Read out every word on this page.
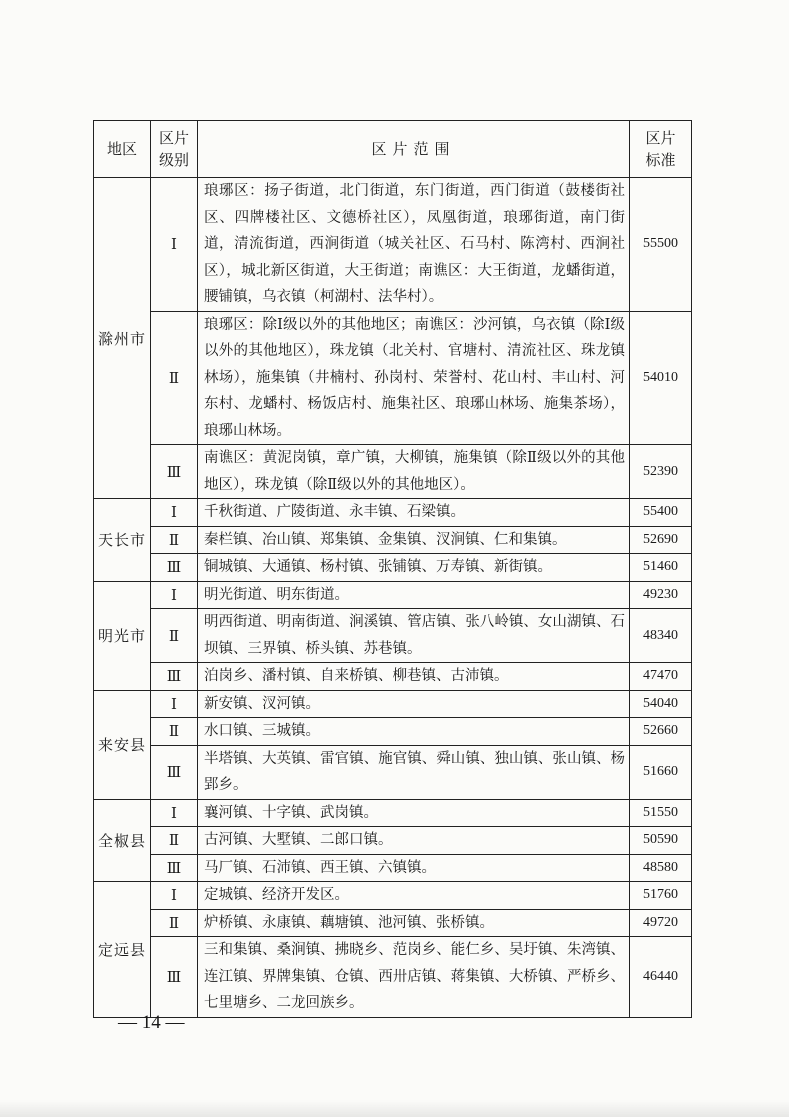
地区	区片级别	区片范围	区片标准
滁州市	Ⅰ	琅琊区：扬子街道，北门街道，东门街道，西门街道（鼓楼街社区、四牌楼社区、文德桥社区），凤凰街道，琅琊街道，南门街道，清流街道，西涧街道（城关社区、石马村、陈湾村、西涧社区），城北新区街道，大王街道；南谯区：大王街道，龙蟠街道，腰铺镇，乌衣镇（柯湖村、法华村）。	55500
	Ⅱ	琅琊区：除Ⅰ级以外的其他地区；南谯区：沙河镇，乌衣镇（除Ⅰ级以外的其他地区），珠龙镇（北关村、官塘村、清流社区、珠龙镇林场），施集镇（井楠村、孙岗村、荣誉村、花山村、丰山村、河东村、龙蟠村、杨饭店村、施集社区、琅琊山林场、施集茶场），琅琊山林场。	54010
	Ⅲ	南谯区：黄泥岗镇，章广镇，大柳镇，施集镇（除Ⅱ级以外的其他地区），珠龙镇（除Ⅱ级以外的其他地区）。	52390
天长市	Ⅰ	千秋街道、广陵街道、永丰镇、石梁镇。	55400
	Ⅱ	秦栏镇、冶山镇、郑集镇、金集镇、汊涧镇、仁和集镇。	52690
	Ⅲ	铜城镇、大通镇、杨村镇、张铺镇、万寿镇、新街镇。	51460
明光市	Ⅰ	明光街道、明东街道。	49230
	Ⅱ	明西街道、明南街道、涧溪镇、管店镇、张八岭镇、女山湖镇、石坝镇、三界镇、桥头镇、苏巷镇。	48340
	Ⅲ	泊岗乡、潘村镇、自来桥镇、柳巷镇、古沛镇。	47470
来安县	Ⅰ	新安镇、汊河镇。	54040
	Ⅱ	水口镇、三城镇。	52660
	Ⅲ	半塔镇、大英镇、雷官镇、施官镇、舜山镇、独山镇、张山镇、杨郢乡。	51660
全椒县	Ⅰ	襄河镇、十字镇、武岗镇。	51550
	Ⅱ	古河镇、大墅镇、二郎口镇。	50590
	Ⅲ	马厂镇、石沛镇、西王镇、六镇镇。	48580
定远县	Ⅰ	定城镇、经济开发区。	51760
	Ⅱ	炉桥镇、永康镇、藕塘镇、池河镇、张桥镇。	49720
	Ⅲ	三和集镇、桑涧镇、拂晓乡、范岗乡、能仁乡、吴圩镇、朱湾镇、连江镇、界牌集镇、仓镇、西卅店镇、蒋集镇、大桥镇、严桥乡、七里塘乡、二龙回族乡。	46440
— 14 —
